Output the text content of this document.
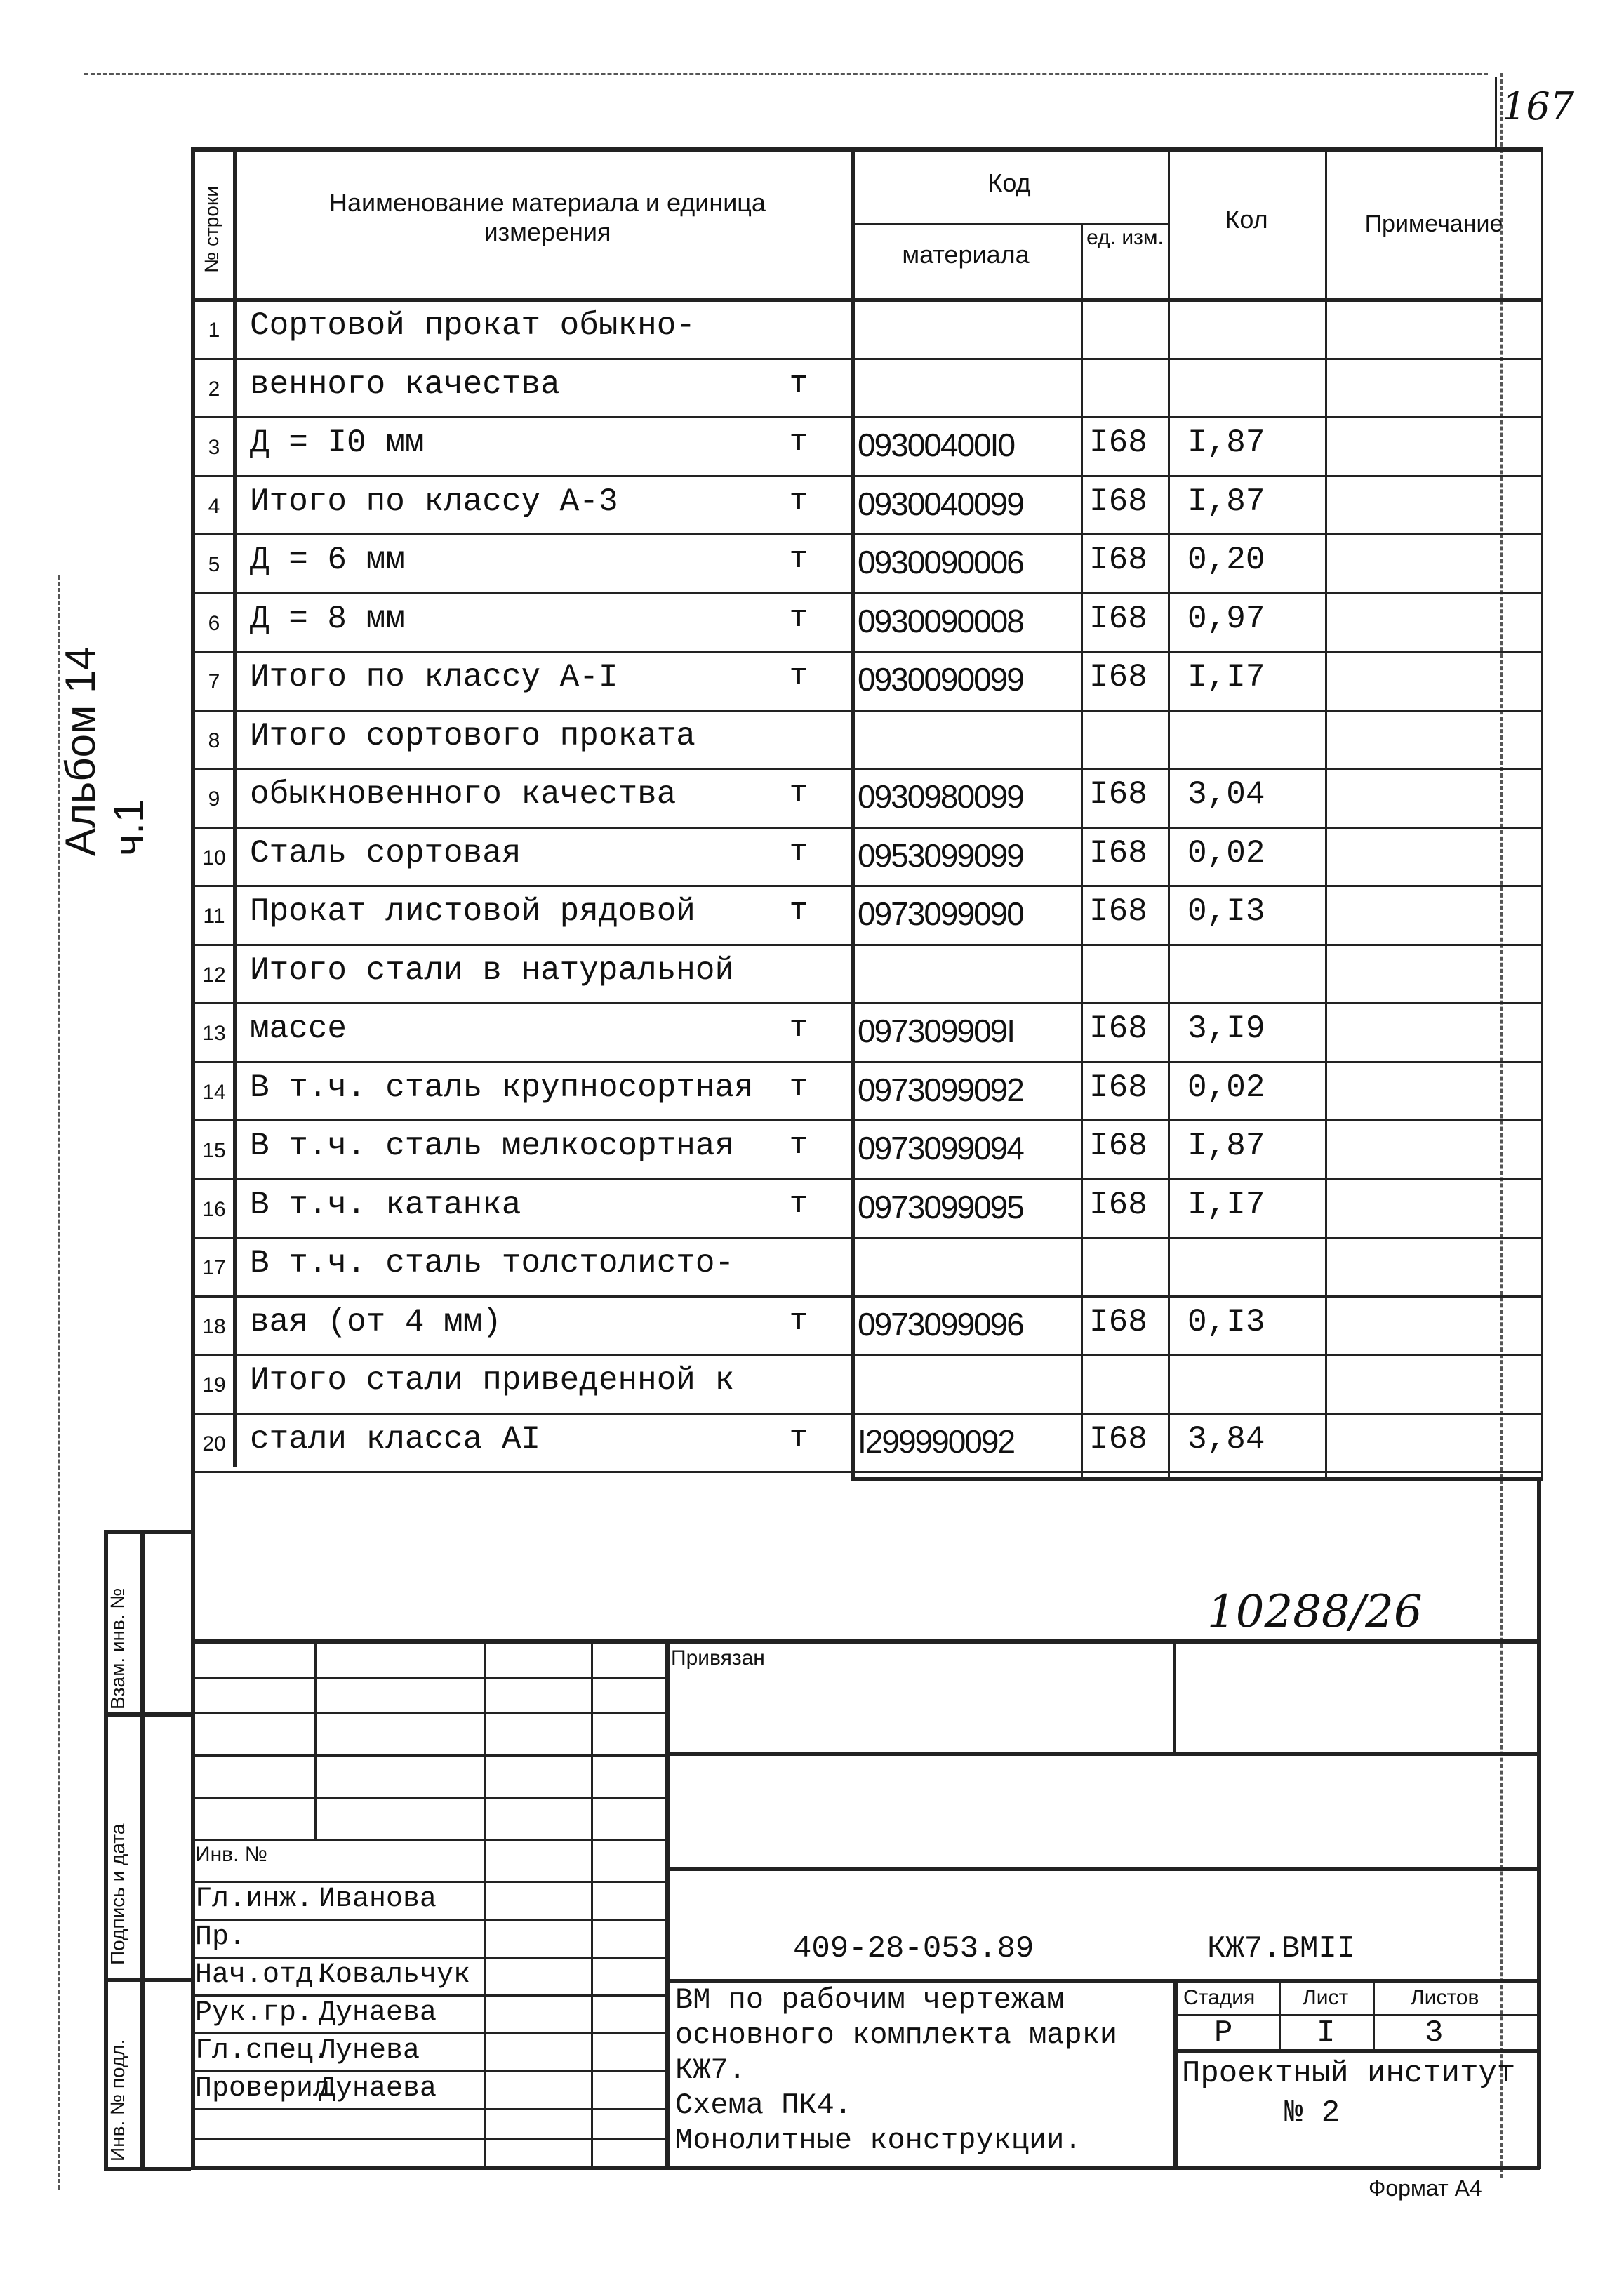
167
№ строки	Наименование материала и единица измерения
Код
материала
ед. изм.
Кол	Примечание
1 Сортовой прокат обыкно-
2 венного качества	т
3 Д = I0 мм	т 09300400I0 I68 I,87
4 Итого по классу А-3	т 0930040099 I68 I,87
5 Д = 6 мм	т 0930090006 I68 0,20
6 Д = 8 мм	т 0930090008 I68 0,97
7 Итого по классу А-I	т 0930090099 I68 I,I7
8 Итого сортового проката
9 обыкновенного качества	т 0930980099 I68 3,04
10 Сталь сортовая	т 0953099099 I68 0,02
11 Прокат листовой рядовой	т 0973099090 I68 0,I3
12 Итого стали в натуральной
13 массе	т 097309909I I68 3,I9
14 В т.ч. сталь крупносортная т 0973099092 I68 0,02
15 В т.ч. сталь мелкосортная т 0973099094 I68 I,87
16 В т.ч. катанка	т 0973099095 I68 I,I7
17 В т.ч. сталь толстолисто-
18 вая (от 4 мм)	т 0973099096 I68 0,I3
19 Итого стали приведенной к
20 стали класса АI	т I299990092 I68 3,84
Альбом 14 ч.1
Взам. инв. №
Подпись и дата
Инв. № подл.
10288/26
Привязан
Инв. №
Гл.инж. Иванова
Пр.
Нач.отд.
Ковальчук
Рук.гр. Дунаева
Гл.спец.
Лунева
Проверил
Дунаева
409-28-053.89	КЖ7.ВМII
ВМ по рабочим чертежам
основного комплекта марки
КЖ7.
Схема ПК4.
Монолитные конструкции.
Стадия Лист	Листов
Р	I	3
Проектный институт
№ 2
Формат А4
